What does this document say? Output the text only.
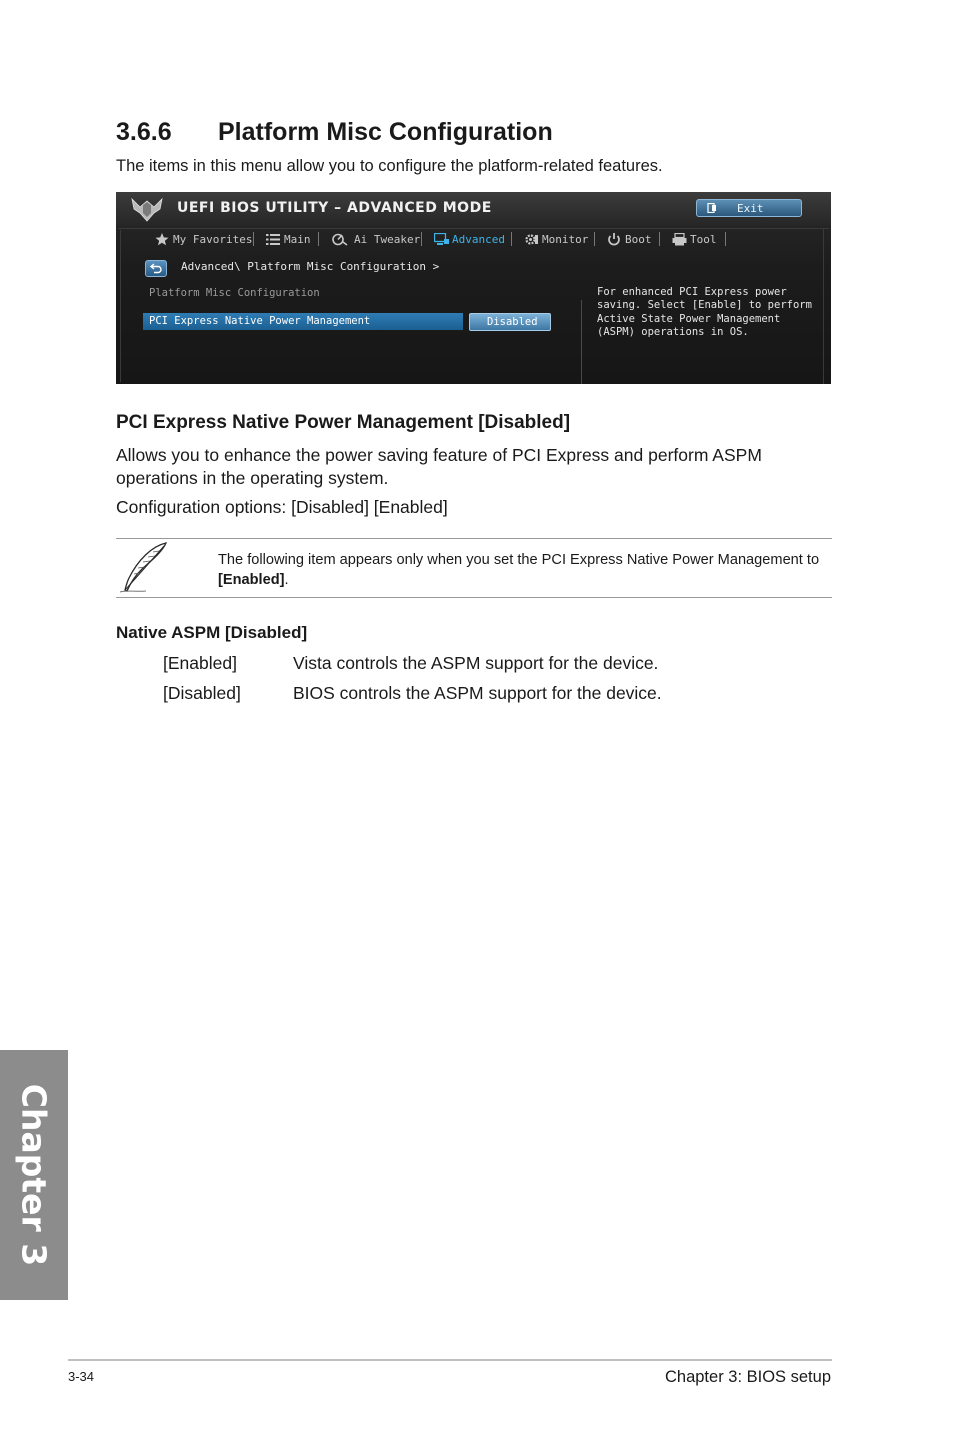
3.6.6 Platform Misc Configuration
The items in this menu allow you to configure the platform-related features.
UEFI BIOS UTILITY – ADVANCED MODE	Exit
My Favorites	Main	Ai Tweaker	Advanced	Monitor	Boot	Tool
Advanced\ Platform Misc Configuration >
Platform Misc Configuration
PCI Express Native Power Management	Disabled
For enhanced PCI Express power saving. Select [Enable] to perform Active State Power Management (ASPM) operations in OS.
PCI Express Native Power Management [Disabled]
Allows you to enhance the power saving feature of PCI Express and perform ASPM operations in the operating system.
Configuration options: [Disabled] [Enabled]
The following item appears only when you set the PCI Express Native Power Management to [Enabled].
Native ASPM [Disabled]
[Enabled]	Vista controls the ASPM support for the device.
[Disabled]	BIOS controls the ASPM support for the device.
Chapter 3
3-34	Chapter 3: BIOS setup
